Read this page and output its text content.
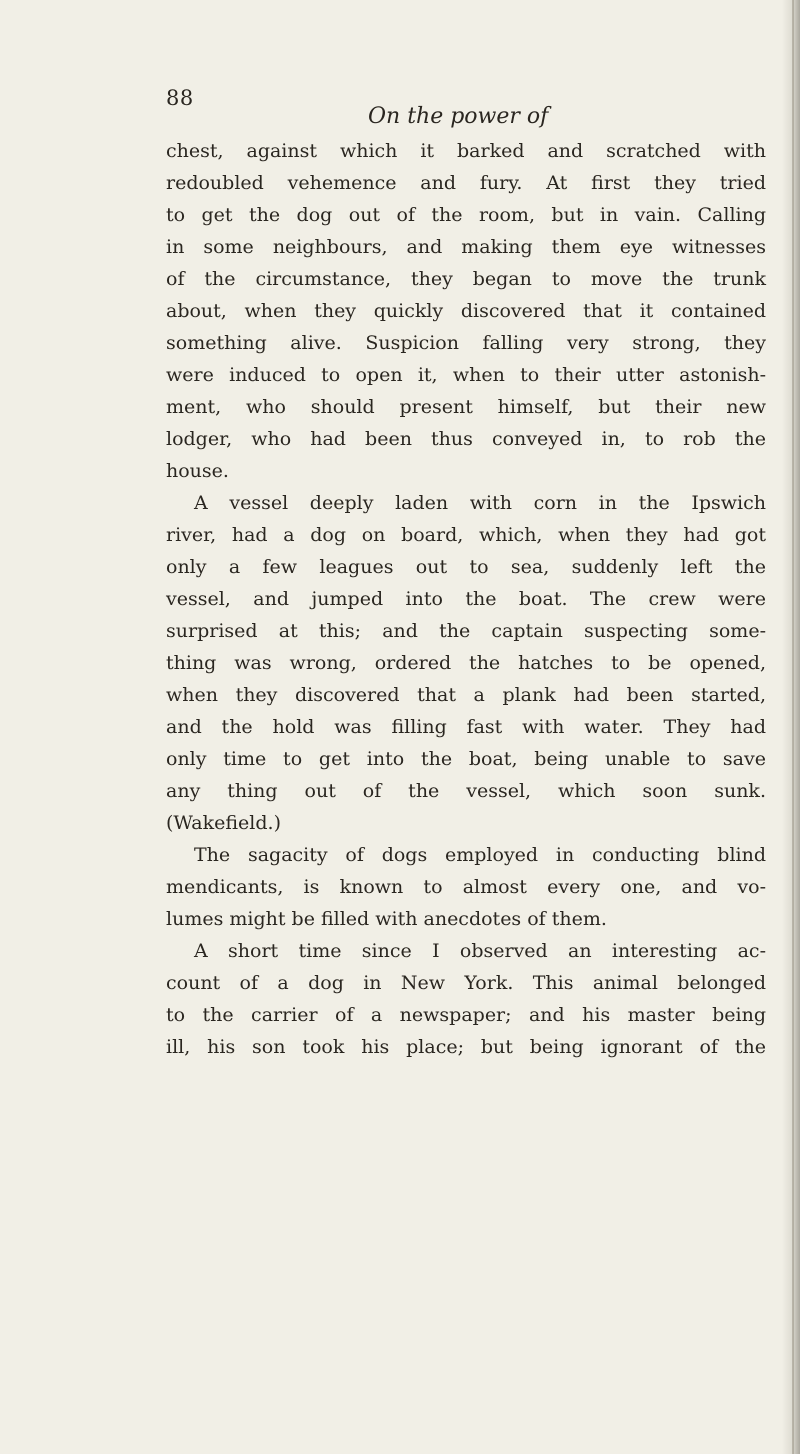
88
On the power of
chest, against which it barked and scratched with
redoubled vehemence and fury. At first they tried
to get the dog out of the room, but in vain. Calling
in some neighbours, and making them eye witnesses
of the circumstance, they began to move the trunk
about, when they quickly discovered that it contained
something alive. Suspicion falling very strong, they
were induced to open it, when to their utter astonish-
ment, who should present himself, but their new
lodger, who had been thus conveyed in, to rob the
house.
A vessel deeply laden with corn in the Ipswich
river, had a dog on board, which, when they had got
only a few leagues out to sea, suddenly left the
vessel, and jumped into the boat. The crew were
surprised at this; and the captain suspecting some-
thing was wrong, ordered the hatches to be opened,
when they discovered that a plank had been started,
and the hold was filling fast with water. They had
only time to get into the boat, being unable to save
any thing out of the vessel, which soon sunk.
(Wakefield.)
The sagacity of dogs employed in conducting blind
mendicants, is known to almost every one, and vo-
lumes might be filled with anecdotes of them.
A short time since I observed an interesting ac-
count of a dog in New York. This animal belonged
to the carrier of a newspaper; and his master being
ill, his son took his place; but being ignorant of the
